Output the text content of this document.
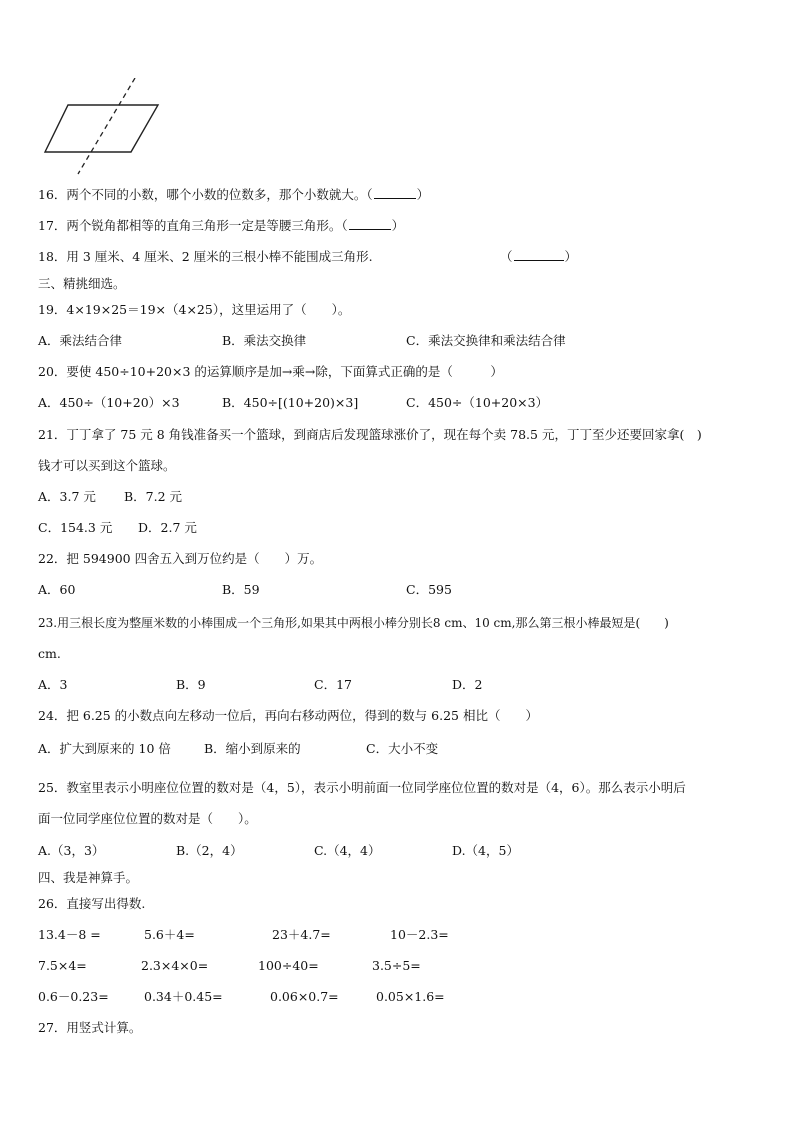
16．两个不同的小数，哪个小数的位数多，那个小数就大。（	）
17．两个锐角都相等的直角三角形一定是等腰三角形。（	）
18．用 3 厘米、4 厘米、2 厘米的三根小棒不能围成三角形.	（	）
三、精挑细选。
19．4×19×25＝19×（4×25），这里运用了（　　）。
A．乘法结合律	B．乘法交换律	C．乘法交换律和乘法结合律
20．要使 450÷10+20×3 的运算顺序是加→乘→除，下面算式正确的是（　　　）
A．450÷（10+20）×3	B．450÷[(10+20)×3]	C．450÷（10+20×3）
21．丁丁拿了 75 元 8 角钱准备买一个篮球，到商店后发现篮球涨价了，现在每个卖 78.5 元，丁丁至少还要回家拿(　)
钱才可以买到这个篮球。
A．3.7 元 B．7.2 元
C．154.3 元 D．2.7 元
22．把 594900 四舍五入到万位约是（　　）万。
A．60	B．59	C．595
23.用三根长度为整厘米数的小棒围成一个三角形,如果其中两根小棒分别长8 cm、10 cm,那么第三根小棒最短是(　　)
cm.
A．3	B．9	C．17	D．2
24．把 6.25 的小数点向左移动一位后，再向右移动两位，得到的数与 6.25 相比（　　）
A．扩大到原来的 10 倍	B．缩小到原来的	C．大小不变
25．教室里表示小明座位位置的数对是（4，5），表示小明前面一位同学座位位置的数对是（4，6）。那么表示小明后
面一位同学座位位置的数对是（　　）。
A.（3，3）	B.（2，4）	C.（4，4）	D.（4，5）
四、我是神算手。
26．直接写出得数.
13.4－8 =	5.6＋4=	23＋4.7=	10－2.3=
7.5×4=	2.3×4×0=	100÷40=	3.5÷5=
0.6－0.23=	0.34＋0.45=	0.06×0.7=	0.05×1.6=
27．用竖式计算。
